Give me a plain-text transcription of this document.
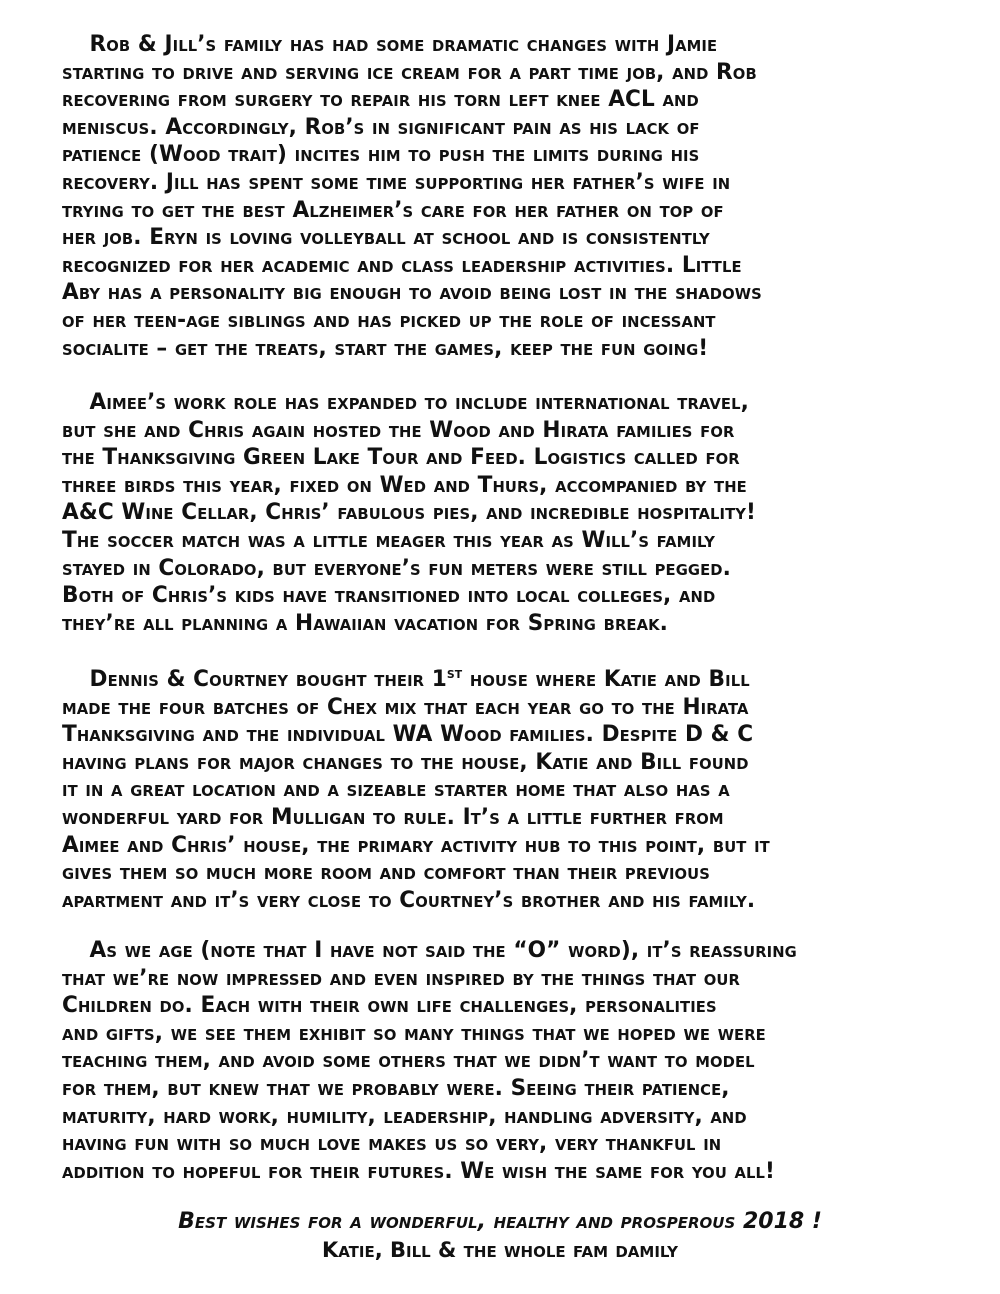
Rob & Jill’s family has had some dramatic changes with Jamie
starting to drive and serving ice cream for a part time job, and Rob
recovering from surgery to repair his torn left knee ACL and
meniscus. Accordingly, Rob’s in significant pain as his lack of
patience (Wood trait) incites him to push the limits during his
recovery. Jill has spent some time supporting her father’s wife in
trying to get the best Alzheimer’s care for her father on top of
her job. Eryn is loving volleyball at school and is consistently
recognized for her academic and class leadership activities. Little
Aby has a personality big enough to avoid being lost in the shadows
of her teen-age siblings and has picked up the role of incessant
socialite – get the treats, start the games, keep the fun going!
Aimee’s work role has expanded to include international travel,
but she and Chris again hosted the Wood and Hirata families for
the Thanksgiving Green Lake Tour and Feed. Logistics called for
three birds this year, fixed on Wed and Thurs, accompanied by the
A&C Wine Cellar, Chris’ fabulous pies, and incredible hospitality!
The soccer match was a little meager this year as Will’s family
stayed in Colorado, but everyone’s fun meters were still pegged.
Both of Chris’s kids have transitioned into local colleges, and
they’re all planning a Hawaiian vacation for Spring break.
Dennis & Courtney bought their 1ST house where Katie and Bill
made the four batches of Chex mix that each year go to the Hirata
Thanksgiving and the individual WA Wood families. Despite D & C
having plans for major changes to the house, Katie and Bill found
it in a great location and a sizeable starter home that also has a
wonderful yard for Mulligan to rule. It’s a little further from
Aimee and Chris’ house, the primary activity hub to this point, but it
gives them so much more room and comfort than their previous
apartment and it’s very close to Courtney’s brother and his family.
As we age (note that I have not said the “O” word), it’s reassuring
that we’re now impressed and even inspired by the things that our
Children do. Each with their own life challenges, personalities
and gifts, we see them exhibit so many things that we hoped we were
teaching them, and avoid some others that we didn’t want to model
for them, but knew that we probably were. Seeing their patience,
maturity, hard work, humility, leadership, handling adversity, and
having fun with so much love makes us so very, very thankful in
addition to hopeful for their futures. We wish the same for you all!
Best wishes for a wonderful, healthy and prosperous 2018 !
Katie, Bill & the whole fam damily
